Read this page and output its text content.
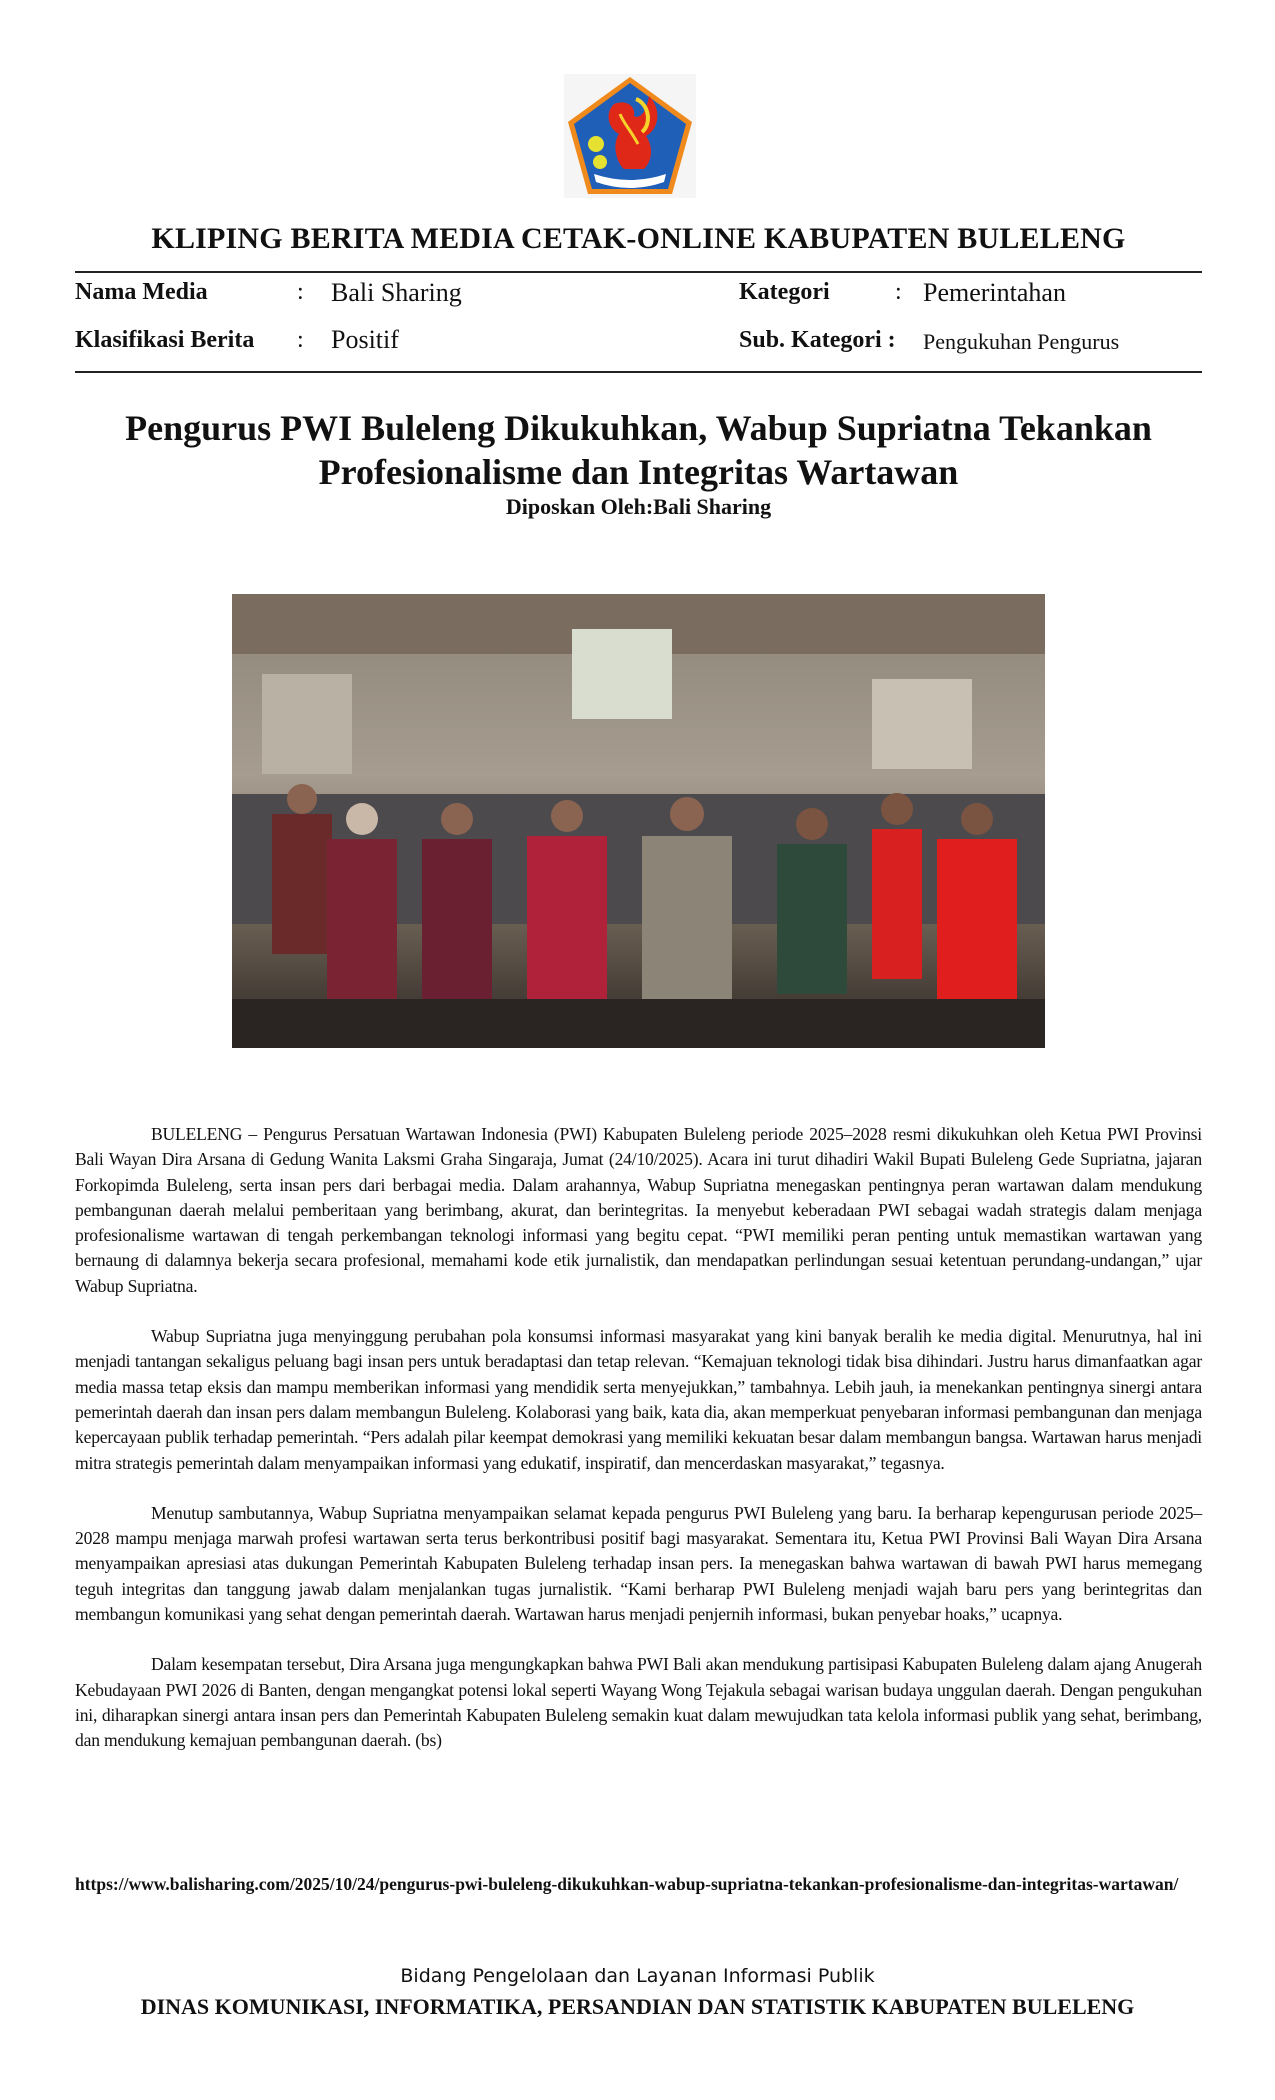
KLIPING BERITA MEDIA CETAK-ONLINE KABUPATEN BULELENG
Nama Media	: Bali Sharing	Kategori	: Pemerintahan
Klasifikasi Berita : Positif	Sub. Kategori : Pengukuhan Pengurus
Pengurus PWI Buleleng Dikukuhkan, Wabup Supriatna Tekankan
Profesionalisme dan Integritas Wartawan
Diposkan Oleh:Bali Sharing

BULELENG – Pengurus Persatuan Wartawan Indonesia (PWI) Kabupaten Buleleng periode 2025–2028 resmi dikukuhkan oleh Ketua PWI Provinsi Bali Wayan Dira Arsana di Gedung Wanita Laksmi Graha Singaraja, Jumat (24/10/2025). Acara ini turut dihadiri Wakil Bupati Buleleng Gede Supriatna, jajaran Forkopimda Buleleng, serta insan pers dari berbagai media. Dalam arahannya, Wabup Supriatna menegaskan pentingnya peran wartawan dalam mendukung pembangunan daerah melalui pemberitaan yang berimbang, akurat, dan berintegritas. Ia menyebut keberadaan PWI sebagai wadah strategis dalam menjaga profesionalisme wartawan di tengah perkembangan teknologi informasi yang begitu cepat. “PWI memiliki peran penting untuk memastikan wartawan yang bernaung di dalamnya bekerja secara profesional, memahami kode etik jurnalistik, dan mendapatkan perlindungan sesuai ketentuan perundang-undangan,” ujar Wabup Supriatna.

Wabup Supriatna juga menyinggung perubahan pola konsumsi informasi masyarakat yang kini banyak beralih ke media digital. Menurutnya, hal ini menjadi tantangan sekaligus peluang bagi insan pers untuk beradaptasi dan tetap relevan. “Kemajuan teknologi tidak bisa dihindari. Justru harus dimanfaatkan agar media massa tetap eksis dan mampu memberikan informasi yang mendidik serta menyejukkan,” tambahnya. Lebih jauh, ia menekankan pentingnya sinergi antara pemerintah daerah dan insan pers dalam membangun Buleleng. Kolaborasi yang baik, kata dia, akan memperkuat penyebaran informasi pembangunan dan menjaga kepercayaan publik terhadap pemerintah. “Pers adalah pilar keempat demokrasi yang memiliki kekuatan besar dalam membangun bangsa. Wartawan harus menjadi mitra strategis pemerintah dalam menyampaikan informasi yang edukatif, inspiratif, dan mencerdaskan masyarakat,” tegasnya.

Menutup sambutannya, Wabup Supriatna menyampaikan selamat kepada pengurus PWI Buleleng yang baru. Ia berharap kepengurusan periode 2025–2028 mampu menjaga marwah profesi wartawan serta terus berkontribusi positif bagi masyarakat. Sementara itu, Ketua PWI Provinsi Bali Wayan Dira Arsana menyampaikan apresiasi atas dukungan Pemerintah Kabupaten Buleleng terhadap insan pers. Ia menegaskan bahwa wartawan di bawah PWI harus memegang teguh integritas dan tanggung jawab dalam menjalankan tugas jurnalistik. “Kami berharap PWI Buleleng menjadi wajah baru pers yang berintegritas dan membangun komunikasi yang sehat dengan pemerintah daerah. Wartawan harus menjadi penjernih informasi, bukan penyebar hoaks,” ucapnya.

Dalam kesempatan tersebut, Dira Arsana juga mengungkapkan bahwa PWI Bali akan mendukung partisipasi Kabupaten Buleleng dalam ajang Anugerah Kebudayaan PWI 2026 di Banten, dengan mengangkat potensi lokal seperti Wayang Wong Tejakula sebagai warisan budaya unggulan daerah. Dengan pengukuhan ini, diharapkan sinergi antara insan pers dan Pemerintah Kabupaten Buleleng semakin kuat dalam mewujudkan tata kelola informasi publik yang sehat, berimbang, dan mendukung kemajuan pembangunan daerah. (bs)

https://www.balisharing.com/2025/10/24/pengurus-pwi-buleleng-dikukuhkan-wabup-supriatna-tekankan-profesionalisme-dan-integritas-wartawan/
Bidang Pengelolaan dan Layanan Informasi Publik
DINAS KOMUNIKASI, INFORMATIKA, PERSANDIAN DAN STATISTIK KABUPATEN BULELENG
